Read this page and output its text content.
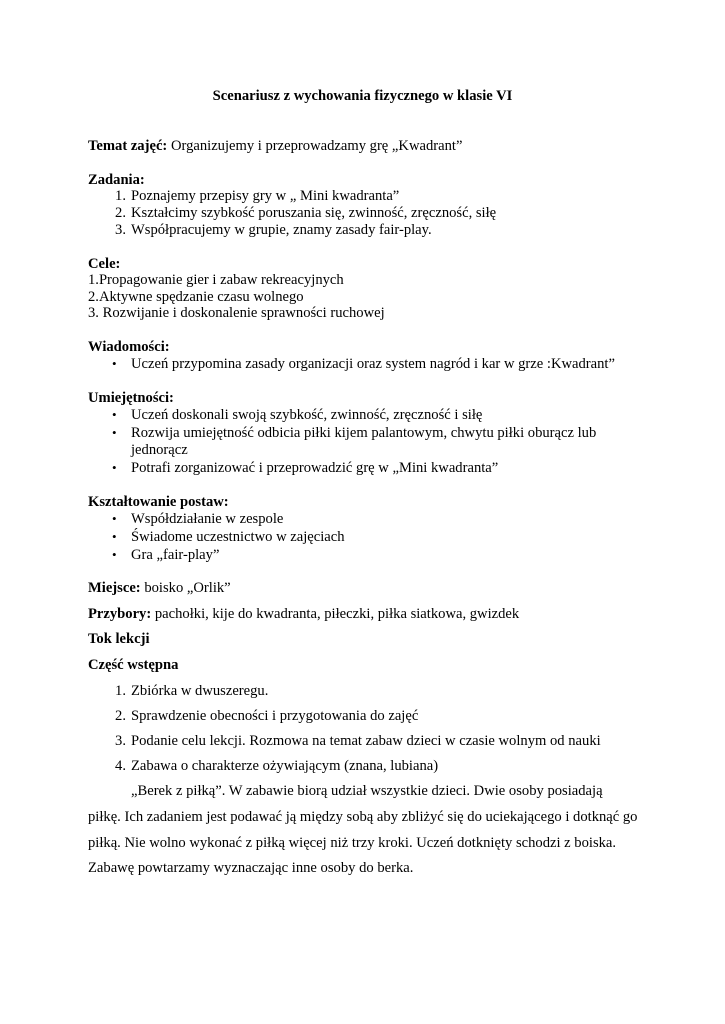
Scenariusz z wychowania fizycznego w klasie VI
Temat zajęć: Organizujemy i przeprowadzamy grę „Kwadrant”
Zadania:
1. Poznajemy przepisy gry w „ Mini kwadranta”
2. Kształcimy szybkość poruszania się, zwinność, zręczność, siłę
3. Współpracujemy w grupie, znamy zasady fair-play.
Cele:
1.Propagowanie gier i zabaw rekreacyjnych
2.Aktywne spędzanie czasu wolnego
3. Rozwijanie i doskonalenie sprawności ruchowej
Wiadomości:
• Uczeń przypomina zasady organizacji oraz system nagród i kar w grze :Kwadrant”
Umiejętności:
• Uczeń doskonali swoją szybkość, zwinność, zręczność i siłę
• Rozwija umiejętność odbicia piłki kijem palantowym, chwytu piłki oburącz lub
jednorącz
• Potrafi zorganizować i przeprowadzić grę w „Mini kwadranta”
Kształtowanie postaw:
• Współdziałanie w zespole
• Świadome uczestnictwo w zajęciach
• Gra „fair-play”
Miejsce: boisko „Orlik”
Przybory: pachołki, kije do kwadranta, piłeczki, piłka siatkowa, gwizdek
Tok lekcji
Część wstępna
1. Zbiórka w dwuszeregu.
2. Sprawdzenie obecności i przygotowania do zajęć
3. Podanie celu lekcji. Rozmowa na temat zabaw dzieci w czasie wolnym od nauki
4. Zabawa o charakterze ożywiającym (znana, lubiana)
„Berek z piłką”. W zabawie biorą udział wszystkie dzieci. Dwie osoby posiadają
piłkę. Ich zadaniem jest podawać ją między sobą aby zbliżyć się do uciekającego i dotknąć go
piłką. Nie wolno wykonać z piłką więcej niż trzy kroki. Uczeń dotknięty schodzi z boiska.
Zabawę powtarzamy wyznaczając inne osoby do berka.
